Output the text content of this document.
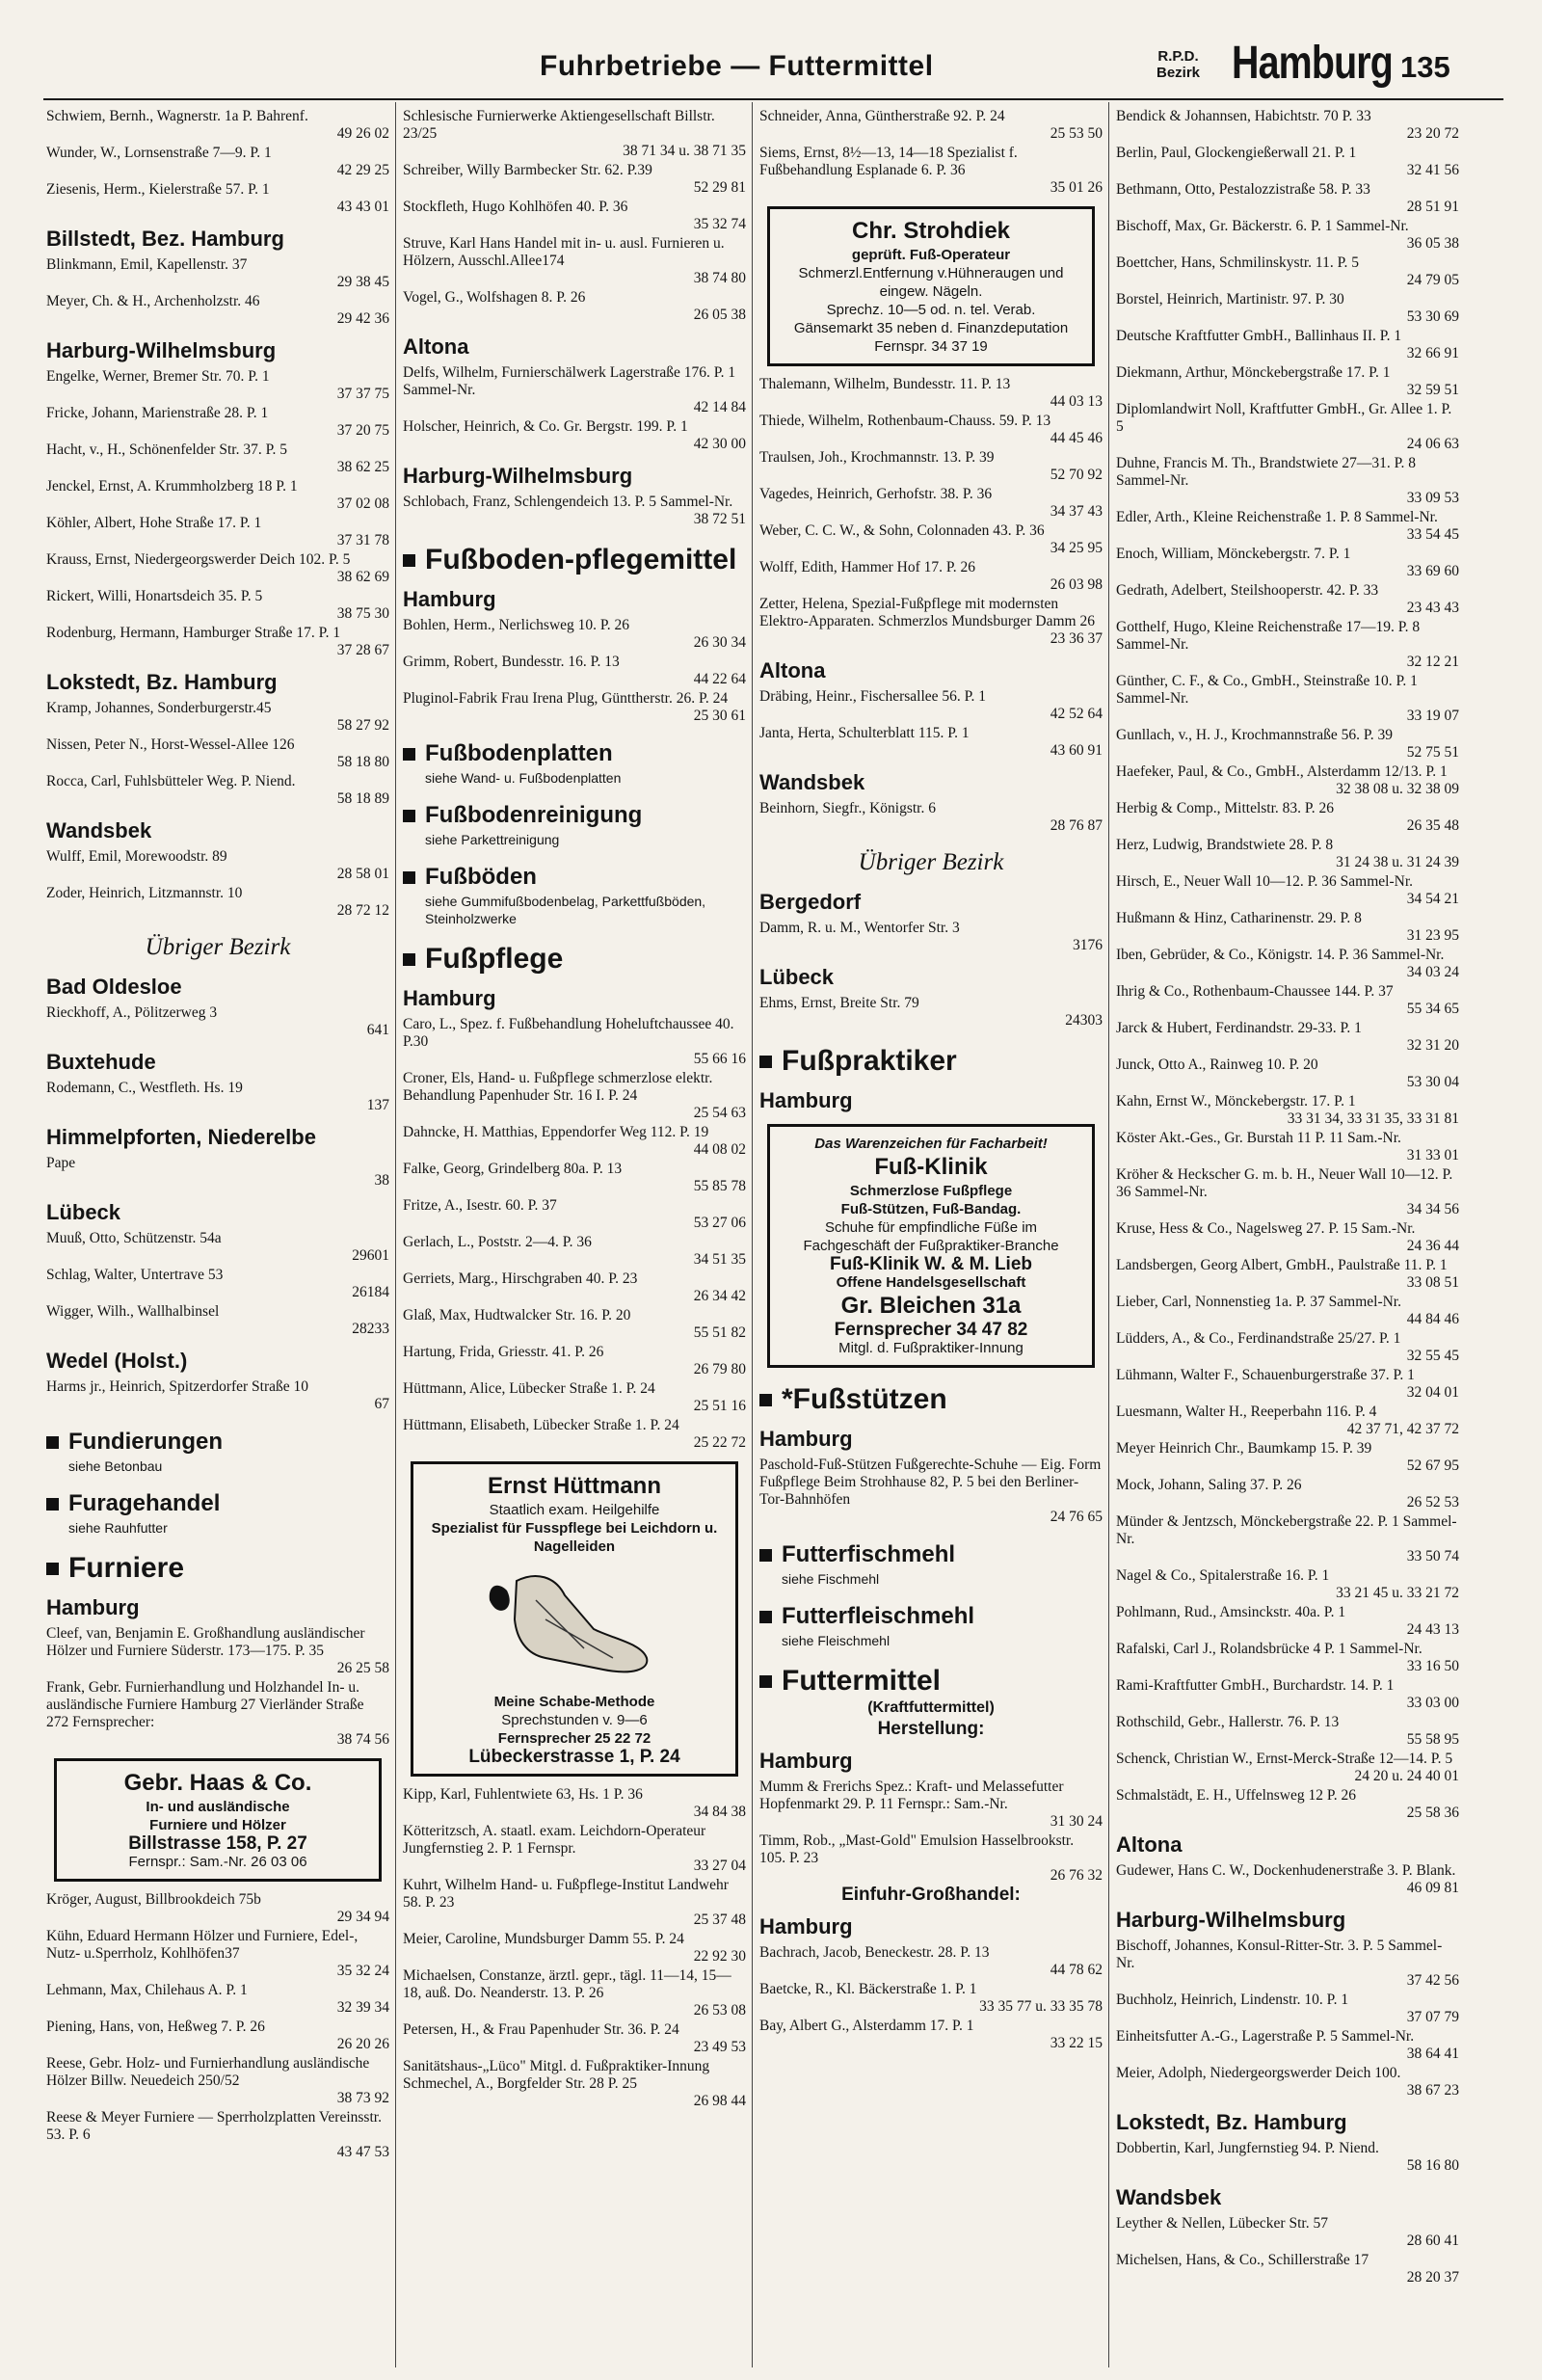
Fuhrbetriebe — Futtermittel	R.P.D.
Bezirk Hamburg 135
Schwiem, Bernh., Wagnerstr. 1a P. Bahrenf.
49 26 02
Wunder, W., Lornsenstraße 7—9. P. 1
42 29 25
Ziesenis, Herm., Kielerstraße 57. P. 1
43 43 01
Billstedt, Bez. Hamburg
Blinkmann, Emil, Kapellenstr. 37
29 38 45
Meyer, Ch. & H., Archenholzstr. 46
29 42 36
Harburg-Wilhelmsburg
Engelke, Werner, Bremer Str. 70. P. 1
37 37 75
Fricke, Johann, Marienstraße 28. P. 1
37 20 75
Hacht, v., H., Schönenfelder Str. 37. P. 5
38 62 25
Jenckel, Ernst, A. Krummholzberg 18 P. 1
37 02 08
Köhler, Albert, Hohe Straße 17. P. 1
37 31 78
Krauss, Ernst, Niedergeorgswerder Deich 102. P. 5
38 62 69
Rickert, Willi, Honartsdeich 35. P. 5
38 75 30
Rodenburg, Hermann, Hamburger Straße 17. P. 1
37 28 67
Lokstedt, Bz. Hamburg
Kramp, Johannes, Sonderburgerstr.45
58 27 92
Nissen, Peter N., Horst-Wessel-Allee 126
58 18 80
Rocca, Carl, Fuhlsbütteler Weg. P. Niend.
58 18 89
Wandsbek
Wulff, Emil, Morewoodstr. 89
28 58 01
Zoder, Heinrich, Litzmannstr. 10
28 72 12
Übriger Bezirk
Bad Oldesloe
Rieckhoff, A., Pölitzerweg 3
641
Buxtehude
Rodemann, C., Westfleth. Hs. 19
137
Himmelpforten, Niederelbe
Pape
38
Lübeck
Muuß, Otto, Schützenstr. 54a
29601
Schlag, Walter, Untertrave 53
26184
Wigger, Wilh., Wallhalbinsel
28233
Wedel (Holst.)
Harms jr., Heinrich, Spitzerdorfer Straße 10
67
Fundierungen
siehe Betonbau
Furagehandel
siehe Rauhfutter
Furniere
Hamburg
Cleef, van, Benjamin E. Großhandlung ausländischer Hölzer und Furniere Süderstr. 173—175. P. 35
26 25 58
Frank, Gebr. Furnierhandlung und Holzhandel In- u. ausländische Furniere Hamburg 27 Vierländer Straße 272 Fernsprecher:
38 74 56
Gebr. Haas & Co.
In- und ausländische
Furniere und Hölzer
Billstrasse 158, P. 27
Fernspr.: Sam.-Nr. 26 03 06
Kröger, August, Billbrookdeich 75b
29 34 94
Kühn, Eduard Hermann Hölzer und Furniere, Edel-, Nutz- u.Sperrholz, Kohlhöfen37
35 32 24
Lehmann, Max, Chilehaus A. P. 1
32 39 34
Piening, Hans, von, Heßweg 7. P. 26
26 20 26
Reese, Gebr. Holz- und Furnierhandlung ausländische Hölzer Billw. Neuedeich 250/52
38 73 92
Reese & Meyer Furniere — Sperrholzplatten Vereinsstr. 53. P. 6
43 47 53
Schlesische Furnierwerke Aktiengesellschaft Billstr. 23/25
38 71 34 u. 38 71 35
Schreiber, Willy Barmbecker Str. 62. P.39
52 29 81
Stockfleth, Hugo Kohlhöfen 40. P. 36
35 32 74
Struve, Karl Hans Handel mit in- u. ausl. Furnieren u. Hölzern, Ausschl.Allee174
38 74 80
Vogel, G., Wolfshagen 8. P. 26
26 05 38
Altona
Delfs, Wilhelm, Furnierschälwerk Lagerstraße 176. P. 1 Sammel-Nr.
42 14 84
Holscher, Heinrich, & Co. Gr. Bergstr. 199. P. 1
42 30 00
Harburg-Wilhelmsburg
Schlobach, Franz, Schlengendeich 13. P. 5 Sammel-Nr.
38 72 51
Fußboden-pflegemittel
Hamburg
Bohlen, Herm., Nerlichsweg 10. P. 26
26 30 34
Grimm, Robert, Bundesstr. 16. P. 13
44 22 64
Pluginol-Fabrik Frau Irena Plug, Günttherstr. 26. P. 24
25 30 61
Fußbodenplatten
siehe Wand- u. Fußbodenplatten
Fußbodenreinigung
siehe Parkettreinigung
Fußböden
siehe Gummifußbodenbelag, Parkettfußböden, Steinholzwerke
Fußpflege
Hamburg
Caro, L., Spez. f. Fußbehandlung Hoheluftchaussee 40. P.30
55 66 16
Croner, Els, Hand- u. Fußpflege schmerzlose elektr. Behandlung Papenhuder Str. 16 I. P. 24
25 54 63
Dahncke, H. Matthias, Eppendorfer Weg 112. P. 19
44 08 02
Falke, Georg, Grindelberg 80a. P. 13
55 85 78
Fritze, A., Isestr. 60. P. 37
53 27 06
Gerlach, L., Poststr. 2—4. P. 36
34 51 35
Gerriets, Marg., Hirschgraben 40. P. 23
26 34 42
Glaß, Max, Hudtwalcker Str. 16. P. 20
55 51 82
Hartung, Frida, Griesstr. 41. P. 26
26 79 80
Hüttmann, Alice, Lübecker Straße 1. P. 24
25 51 16
Hüttmann, Elisabeth, Lübecker Straße 1. P. 24
25 22 72
Ernst Hüttmann
Staatlich exam. Heilgehilfe
Spezialist für Fusspflege bei Leichdorn u. Nagelleiden
Meine Schabe-Methode
Sprechstunden v. 9—6
Fernsprecher 25 22 72
Lübeckerstrasse 1, P. 24
Kipp, Karl, Fuhlentwiete 63, Hs. 1 P. 36
34 84 38
Kötteritzsch, A. staatl. exam. Leichdorn-Operateur Jungfernstieg 2. P. 1 Fernspr.
33 27 04
Kuhrt, Wilhelm Hand- u. Fußpflege-Institut Landwehr 58. P. 23
25 37 48
Meier, Caroline, Mundsburger Damm 55. P. 24
22 92 30
Michaelsen, Constanze, ärztl. gepr., tägl. 11—14, 15—18, auß. Do. Neanderstr. 13. P. 26
26 53 08
Petersen, H., & Frau Papenhuder Str. 36. P. 24
23 49 53
Sanitätshaus-„Lüco" Mitgl. d. Fußpraktiker-Innung Schmechel, A., Borgfelder Str. 28 P. 25
26 98 44
Schneider, Anna, Güntherstraße 92. P. 24
25 53 50
Siems, Ernst, 8½—13, 14—18 Spezialist f. Fußbehandlung Esplanade 6. P. 36
35 01 26
Chr. Strohdiek
geprüft. Fuß-Operateur
Schmerzl.Entfernung v.Hühneraugen und eingew. Nägeln.
Sprechz. 10—5 od. n. tel. Verab.
Gänsemarkt 35 neben d. Finanzdeputation Fernspr. 34 37 19
Thalemann, Wilhelm, Bundesstr. 11. P. 13
44 03 13
Thiede, Wilhelm, Rothenbaum-Chauss. 59. P. 13
44 45 46
Traulsen, Joh., Krochmannstr. 13. P. 39
52 70 92
Vagedes, Heinrich, Gerhofstr. 38. P. 36
34 37 43
Weber, C. C. W., & Sohn, Colonnaden 43. P. 36
34 25 95
Wolff, Edith, Hammer Hof 17. P. 26
26 03 98
Zetter, Helena, Spezial-Fußpflege mit modernsten Elektro-Apparaten. Schmerzlos Mundsburger Damm 26
23 36 37
Altona
Dräbing, Heinr., Fischersallee 56. P. 1
42 52 64
Janta, Herta, Schulterblatt 115. P. 1
43 60 91
Wandsbek
Beinhorn, Siegfr., Königstr. 6
28 76 87
Übriger Bezirk
Bergedorf
Damm, R. u. M., Wentorfer Str. 3
3176
Lübeck
Ehms, Ernst, Breite Str. 79
24303
Fußpraktiker
Hamburg
Das Warenzeichen für Facharbeit!
Fuß-Klinik
Schmerzlose Fußpflege
Fuß-Stützen, Fuß-Bandag.
Schuhe für empfindliche Füße im Fachgeschäft der Fußpraktiker-Branche
Fuß-Klinik W. & M. Lieb
Offene Handelsgesellschaft
Gr. Bleichen 31a
Fernsprecher 34 47 82
Mitgl. d. Fußpraktiker-Innung
*Fußstützen
Hamburg
Paschold-Fuß-Stützen Fußgerechte-Schuhe — Eig. Form Fußpflege Beim Strohhause 82, P. 5 bei den Berliner-Tor-Bahnhöfen
24 76 65
Futterfischmehl
siehe Fischmehl
Futterfleischmehl
siehe Fleischmehl
Futtermittel
(Kraftfuttermittel)
Herstellung:
Hamburg
Mumm & Frerichs Spez.: Kraft- und Melassefutter Hopfenmarkt 29. P. 11 Fernspr.: Sam.-Nr.
31 30 24
Timm, Rob., „Mast-Gold" Emulsion Hasselbrookstr. 105. P. 23
26 76 32
Einfuhr-Großhandel:
Hamburg
Bachrach, Jacob, Beneckestr. 28. P. 13
44 78 62
Baetcke, R., Kl. Bäckerstraße 1. P. 1
33 35 77 u. 33 35 78
Bay, Albert G., Alsterdamm 17. P. 1
33 22 15
Bendick & Johannsen, Habichtstr. 70 P. 33
23 20 72
Berlin, Paul, Glockengießerwall 21. P. 1
32 41 56
Bethmann, Otto, Pestalozzistraße 58. P. 33
28 51 91
Bischoff, Max, Gr. Bäckerstr. 6. P. 1 Sammel-Nr.
36 05 38
Boettcher, Hans, Schmilinskystr. 11. P. 5
24 79 05
Borstel, Heinrich, Martinistr. 97. P. 30
53 30 69
Deutsche Kraftfutter GmbH., Ballinhaus II. P. 1
32 66 91
Diekmann, Arthur, Mönckebergstraße 17. P. 1
32 59 51
Diplomlandwirt Noll, Kraftfutter GmbH., Gr. Allee 1. P. 5
24 06 63
Duhne, Francis M. Th., Brandstwiete 27—31. P. 8 Sammel-Nr.
33 09 53
Edler, Arth., Kleine Reichenstraße 1. P. 8 Sammel-Nr.
33 54 45
Enoch, William, Mönckebergstr. 7. P. 1
33 69 60
Gedrath, Adelbert, Steilshooperstr. 42. P. 33
23 43 43
Gotthelf, Hugo, Kleine Reichenstraße 17—19. P. 8 Sammel-Nr.
32 12 21
Günther, C. F., & Co., GmbH., Steinstraße 10. P. 1 Sammel-Nr.
33 19 07
Gunllach, v., H. J., Krochmannstraße 56. P. 39
52 75 51
Haefeker, Paul, & Co., GmbH., Alsterdamm 12/13. P. 1
32 38 08 u. 32 38 09
Herbig & Comp., Mittelstr. 83. P. 26
26 35 48
Herz, Ludwig, Brandstwiete 28. P. 8
31 24 38 u. 31 24 39
Hirsch, E., Neuer Wall 10—12. P. 36 Sammel-Nr.
34 54 21
Hußmann & Hinz, Catharinenstr. 29. P. 8
31 23 95
Iben, Gebrüder, & Co., Königstr. 14. P. 36 Sammel-Nr.
34 03 24
Ihrig & Co., Rothenbaum-Chaussee 144. P. 37
55 34 65
Jarck & Hubert, Ferdinandstr. 29-33. P. 1
32 31 20
Junck, Otto A., Rainweg 10. P. 20
53 30 04
Kahn, Ernst W., Mönckebergstr. 17. P. 1
33 31 34, 33 31 35, 33 31 81
Köster Akt.-Ges., Gr. Burstah 11 P. 11 Sam.-Nr.
31 33 01
Kröher & Heckscher G. m. b. H., Neuer Wall 10—12. P. 36 Sammel-Nr.
34 34 56
Kruse, Hess & Co., Nagelsweg 27. P. 15 Sam.-Nr.
24 36 44
Landsbergen, Georg Albert, GmbH., Paulstraße 11. P. 1
33 08 51
Lieber, Carl, Nonnenstieg 1a. P. 37 Sammel-Nr.
44 84 46
Lüdders, A., & Co., Ferdinandstraße 25/27. P. 1
32 55 45
Lühmann, Walter F., Schauenburgerstraße 37. P. 1
32 04 01
Luesmann, Walter H., Reeperbahn 116. P. 4
42 37 71, 42 37 72
Meyer Heinrich Chr., Baumkamp 15. P. 39
52 67 95
Mock, Johann, Saling 37. P. 26
26 52 53
Münder & Jentzsch, Mönckebergstraße 22. P. 1 Sammel-Nr.
33 50 74
Nagel & Co., Spitalerstraße 16. P. 1
33 21 45 u. 33 21 72
Pohlmann, Rud., Amsinckstr. 40a. P. 1
24 43 13
Rafalski, Carl J., Rolandsbrücke 4 P. 1 Sammel-Nr.
33 16 50
Rami-Kraftfutter GmbH., Burchardstr. 14. P. 1
33 03 00
Rothschild, Gebr., Hallerstr. 76. P. 13
55 58 95
Schenck, Christian W., Ernst-Merck-Straße 12—14. P. 5
24 20 u. 24 40 01
Schmalstädt, E. H., Uffelnsweg 12 P. 26
25 58 36
Altona
Gudewer, Hans C. W., Dockenhudenerstraße 3. P. Blank.
46 09 81
Harburg-Wilhelmsburg
Bischoff, Johannes, Konsul-Ritter-Str. 3. P. 5 Sammel-Nr.
37 42 56
Buchholz, Heinrich, Lindenstr. 10. P. 1
37 07 79
Einheitsfutter A.-G., Lagerstraße P. 5 Sammel-Nr.
38 64 41
Meier, Adolph, Niedergeorgswerder Deich 100.
38 67 23
Lokstedt, Bz. Hamburg
Dobbertin, Karl, Jungfernstieg 94. P. Niend.
58 16 80
Wandsbek
Leyther & Nellen, Lübecker Str. 57
28 60 41
Michelsen, Hans, & Co., Schillerstraße 17
28 20 37
